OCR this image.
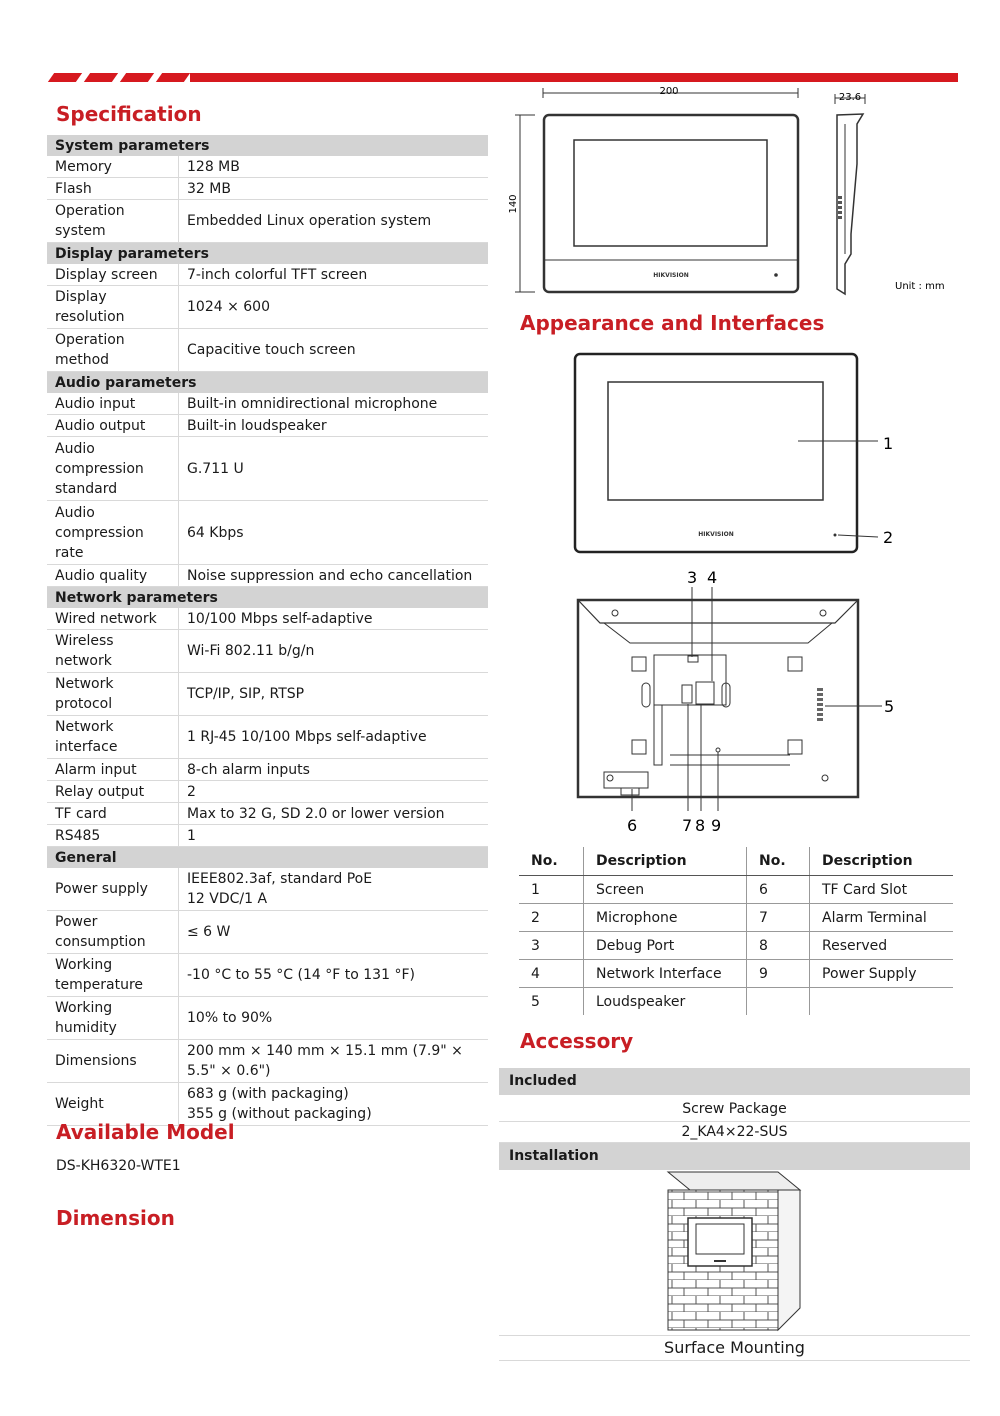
Specification
System parameters	
Memory	128 MB
Flash	32 MB
Operation system	Embedded Linux operation system
Display parameters	
Display screen	7-inch colorful TFT screen
Display resolution	1024 × 600
Operation method	Capacitive touch screen
Audio parameters	
Audio input	Built-in omnidirectional microphone
Audio output	Built-in loudspeaker
Audio compression standard	G.711 U
Audio compression rate	64 Kbps
Audio quality	Noise suppression and echo cancellation
Network parameters	
Wired network	10/100 Mbps self-adaptive
Wireless network	Wi-Fi 802.11 b/g/n
Network protocol	TCP/IP, SIP, RTSP
Network interface	1 RJ-45 10/100 Mbps self-adaptive
Alarm input	8-ch alarm inputs
Relay output	2
TF card	Max to 32 G, SD 2.0 or lower version
RS485	1
General	
Power supply	IEEE802.3af, standard PoE
12 VDC/1 A
Power consumption	≤ 6 W
Working temperature	-10 °C to 55 °C (14 °F to 131 °F)
Working humidity	10% to 90%
Dimensions	200 mm × 140 mm × 15.1 mm (7.9" × 5.5" × 0.6")
Weight	683 g (with packaging)
355 g (without packaging)
Available Model
DS-KH6320-WTE1
Dimension
200
140
23.6
Unit : mm
HIKVISION
Appearance and Interfaces
HIKVISION
1
2
3 4
5
6	7 8 9
No.	Description	No.	Description
1	Screen	6	TF Card Slot
2	Microphone	7	Alarm Terminal
3	Debug Port	8	Reserved
4	Network Interface	9	Power Supply
5	Loudspeaker		
Accessory
Included
Screw Package
2_KA4×22-SUS
Installation
Surface Mounting
